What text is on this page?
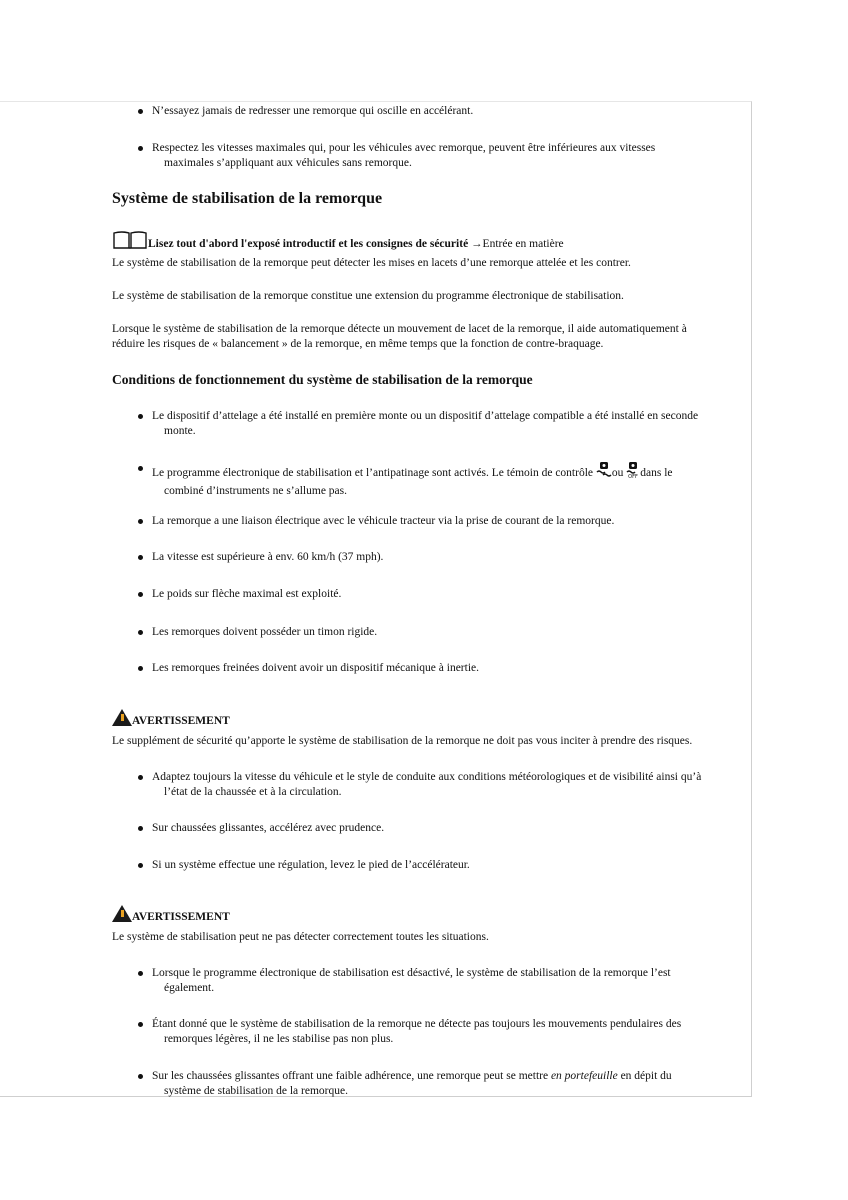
N’essayez jamais de redresser une remorque qui oscille en accélérant.
Respectez les vitesses maximales qui, pour les véhicules avec remorque, peuvent être inférieures aux vitesses
maximales s’appliquant aux véhicules sans remorque.
Système de stabilisation de la remorque
Lisez tout d'abord l'exposé introductif et les consignes de sécurité →Entrée en matière
Le système de stabilisation de la remorque peut détecter les mises en lacets d’une remorque attelée et les contrer.
Le système de stabilisation de la remorque constitue une extension du programme électronique de stabilisation.
Lorsque le système de stabilisation de la remorque détecte un mouvement de lacet de la remorque, il aide automatiquement à
réduire les risques de « balancement » de la remorque, en même temps que la fonction de contre-braquage.
Conditions de fonctionnement du système de stabilisation de la remorque
Le dispositif d’attelage a été installé en première monte ou un dispositif d’attelage compatible a été installé en seconde
monte.
Le programme électronique de stabilisation et l’antipatinage sont activés. Le témoin de contrôle ou OFF dans le
combiné d’instruments ne s’allume pas.
La remorque a une liaison électrique avec le véhicule tracteur via la prise de courant de la remorque.
La vitesse est supérieure à env. 60 km/h (37 mph).
Le poids sur flèche maximal est exploité.
Les remorques doivent posséder un timon rigide.
Les remorques freinées doivent avoir un dispositif mécanique à inertie.
AVERTISSEMENT
Le supplément de sécurité qu’apporte le système de stabilisation de la remorque ne doit pas vous inciter à prendre des risques.
Adaptez toujours la vitesse du véhicule et le style de conduite aux conditions météorologiques et de visibilité ainsi qu’à
l’état de la chaussée et à la circulation.
Sur chaussées glissantes, accélérez avec prudence.
Si un système effectue une régulation, levez le pied de l’accélérateur.
AVERTISSEMENT
Le système de stabilisation peut ne pas détecter correctement toutes les situations.
Lorsque le programme électronique de stabilisation est désactivé, le système de stabilisation de la remorque l’est
également.
Étant donné que le système de stabilisation de la remorque ne détecte pas toujours les mouvements pendulaires des
remorques légères, il ne les stabilise pas non plus.
Sur les chaussées glissantes offrant une faible adhérence, une remorque peut se mettre en portefeuille en dépit du
système de stabilisation de la remorque.
